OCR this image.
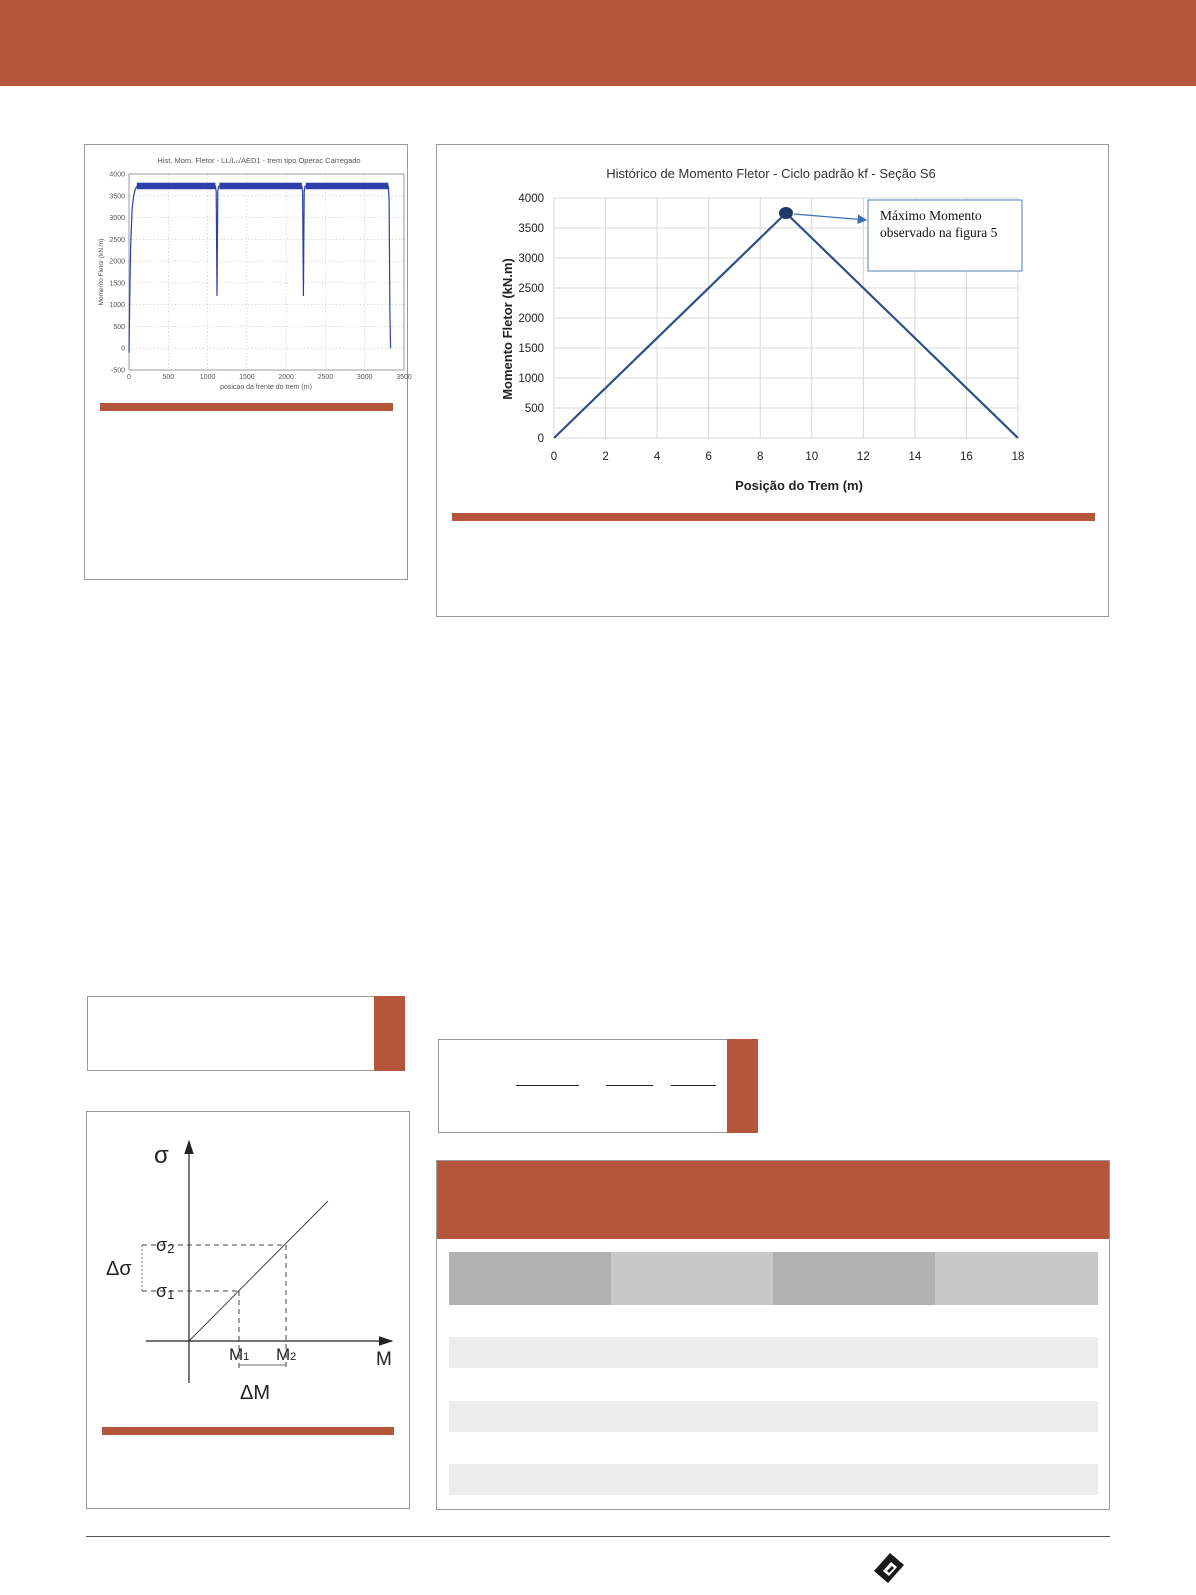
Hist. Mom. Fletor - LL/L₀/AED1 - trem tipo Operac Carregado
4000
3500
3000
2500
2000
1500
1000
500
0
-500
0	500	1000	1500	2000	2500	3000	3500
Momento Fletor (kN.m)
posicao da frente do trem (m)
Histórico de Momento Fletor - Ciclo padrão kf - Seção S6
4000
3500
3000
2500
2000
1500
1000
500
0
0	2	4	6	8	10	12	14	16	18
Máximo Momento
observado na figura 5
Momento Fletor (kN.m)
Posição do Trem (m)
σ
σ2
σ1
Δσ
M
M1 M2
ΔM
